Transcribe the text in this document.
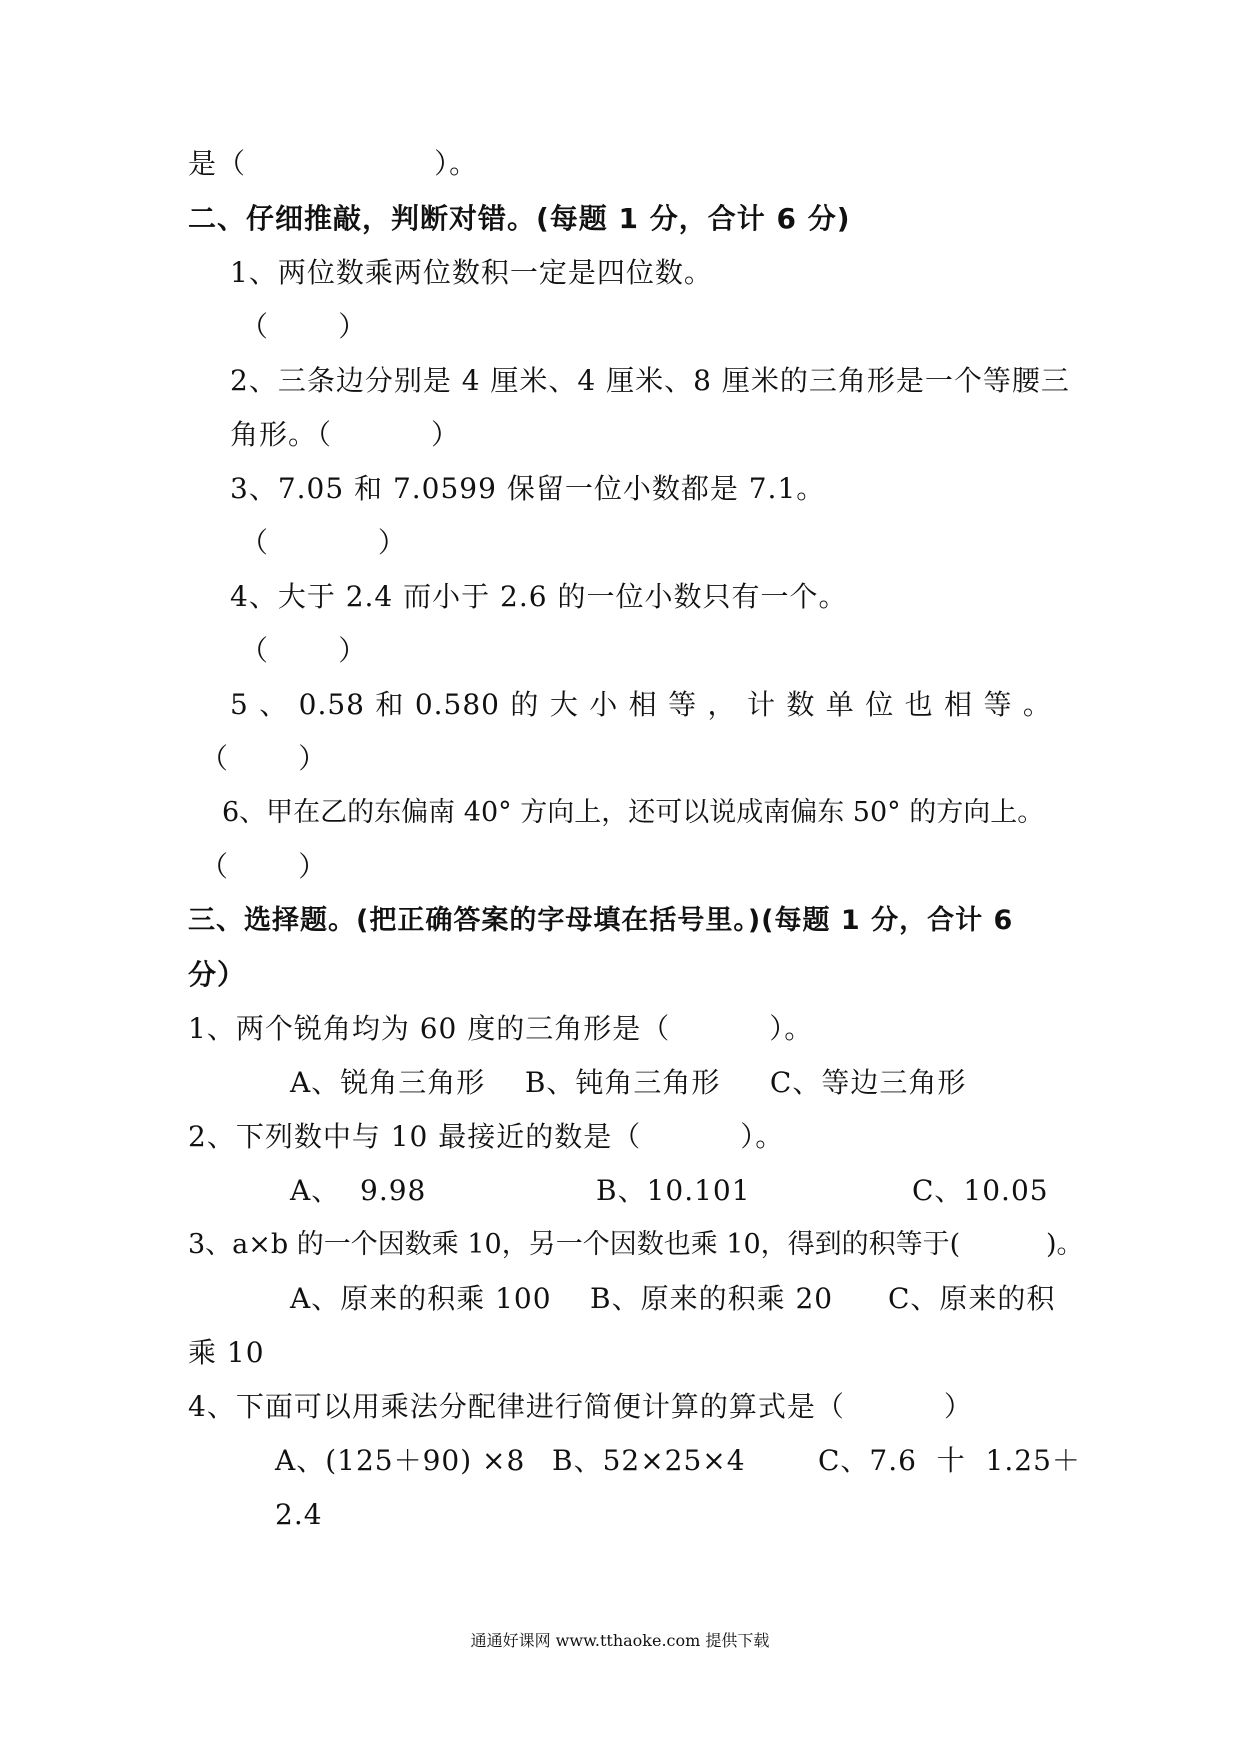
是（                   ）。
二、仔细推敲，判断对错。(每题 1 分，合计 6 分)
1、两位数乘两位数积一定是四位数。
（       ）
2、三条边分别是 4 厘米、4 厘米、8 厘米的三角形是一个等腰三
角形。（          ）
3、7.05 和 7.0599 保留一位小数都是 7.1。
（           ）
4、大于 2.4 而小于 2.6 的一位小数只有一个。
（       ）
5 、 0.58 和 0.580 的 大 小 相 等 ， 计 数 单 位 也 相 等 。
（       ）
6、甲在乙的东偏南 40° 方向上，还可以说成南偏东 50° 的方向上。
（       ）
三、选择题。(把正确答案的字母填在括号里。)(每题 1 分，合计 6
分）
1、两个锐角均为 60 度的三角形是（          ）。
A、锐角三角形    B、钝角三角形     C、等边三角形
2、下列数中与 10 最接近的数是（          ）。
A、  9.98	B、10.101	C、10.05
3、a×b 的一个因数乘 10，另一个因数也乘 10，得到的积等于(          )。
A、原来的积乘 100 B、原来的积乘 20 C、原来的积
乘 10
4、下面可以用乘法分配律进行简便计算的算式是（          ）
A、(125＋90) ×8 B、52×25×4	C、7.6  十  1.25＋
2.4
通通好课网 www.tthaoke.com 提供下载
